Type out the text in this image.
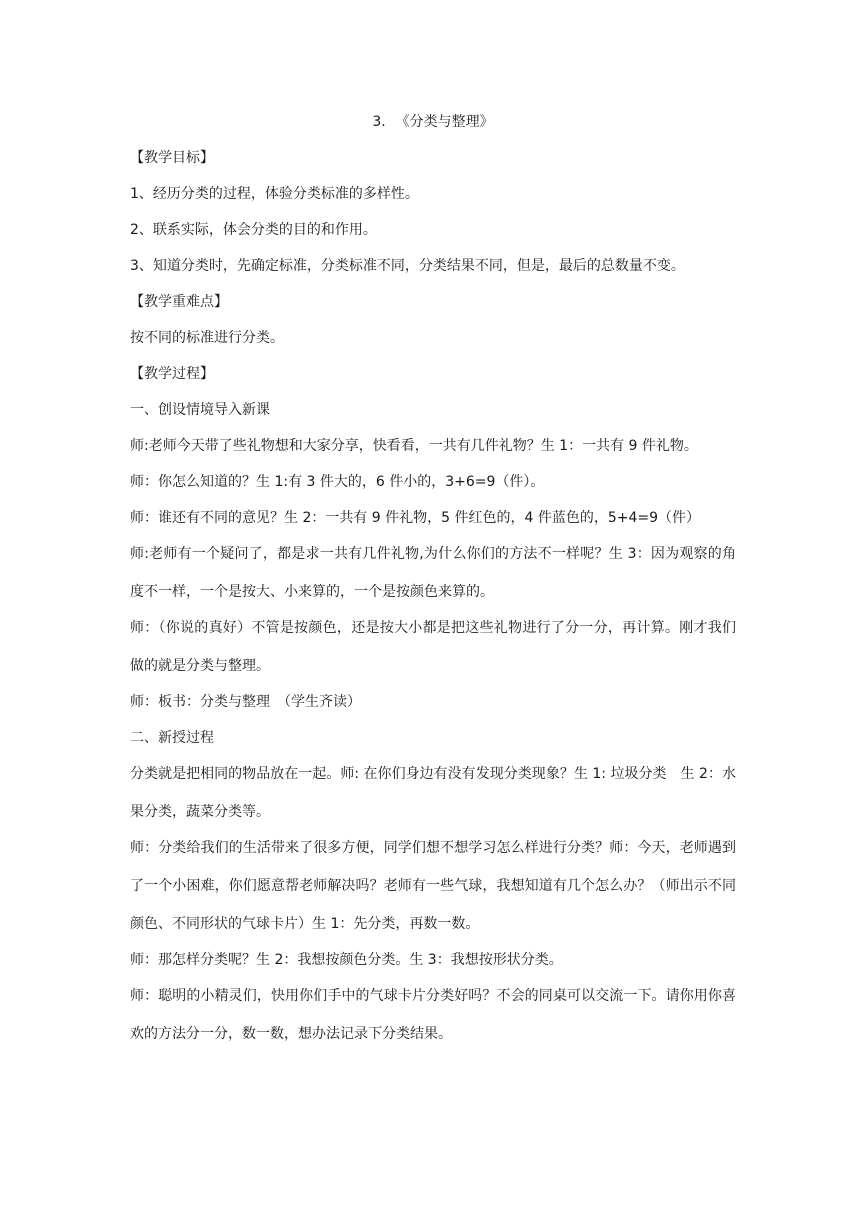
3. 《分类与整理》
【教学目标】
1、经历分类的过程，体验分类标准的多样性。
2、联系实际，体会分类的目的和作用。
3、知道分类时，先确定标准，分类标准不同，分类结果不同，但是，最后的总数量不变。
【教学重难点】
按不同的标准进行分类。
【教学过程】
一、创设情境导入新课
师:老师今天带了些礼物想和大家分享，快看看，一共有几件礼物？生 1：一共有 9 件礼物。
师：你怎么知道的？生 1:有 3 件大的，6 件小的，3+6=9（件）。
师：谁还有不同的意见？生 2：一共有 9 件礼物，5 件红色的，4 件蓝色的，5+4=9（件）
师:老师有一个疑问了，都是求一共有几件礼物,为什么你们的方法不一样呢？生 3：因为观察的角度不一样，一个是按大、小来算的，一个是按颜色来算的。
师：（你说的真好）不管是按颜色，还是按大小都是把这些礼物进行了分一分，再计算。刚才我们做的就是分类与整理。
师：板书：分类与整理　（学生齐读）
二、新授过程
分类就是把相同的物品放在一起。师: 在你们身边有没有发现分类现象？生 1: 垃圾分类　生 2：水果分类，蔬菜分类等。
师：分类给我们的生活带来了很多方便，同学们想不想学习怎么样进行分类？师：今天，老师遇到了一个小困难，你们愿意帮老师解决吗？老师有一些气球，我想知道有几个怎么办？（师出示不同颜色、不同形状的气球卡片）生 1：先分类，再数一数。
师：那怎样分类呢？生 2：我想按颜色分类。生 3：我想按形状分类。
师：聪明的小精灵们，快用你们手中的气球卡片分类好吗？不会的同桌可以交流一下。请你用你喜欢的方法分一分，数一数，想办法记录下分类结果。
